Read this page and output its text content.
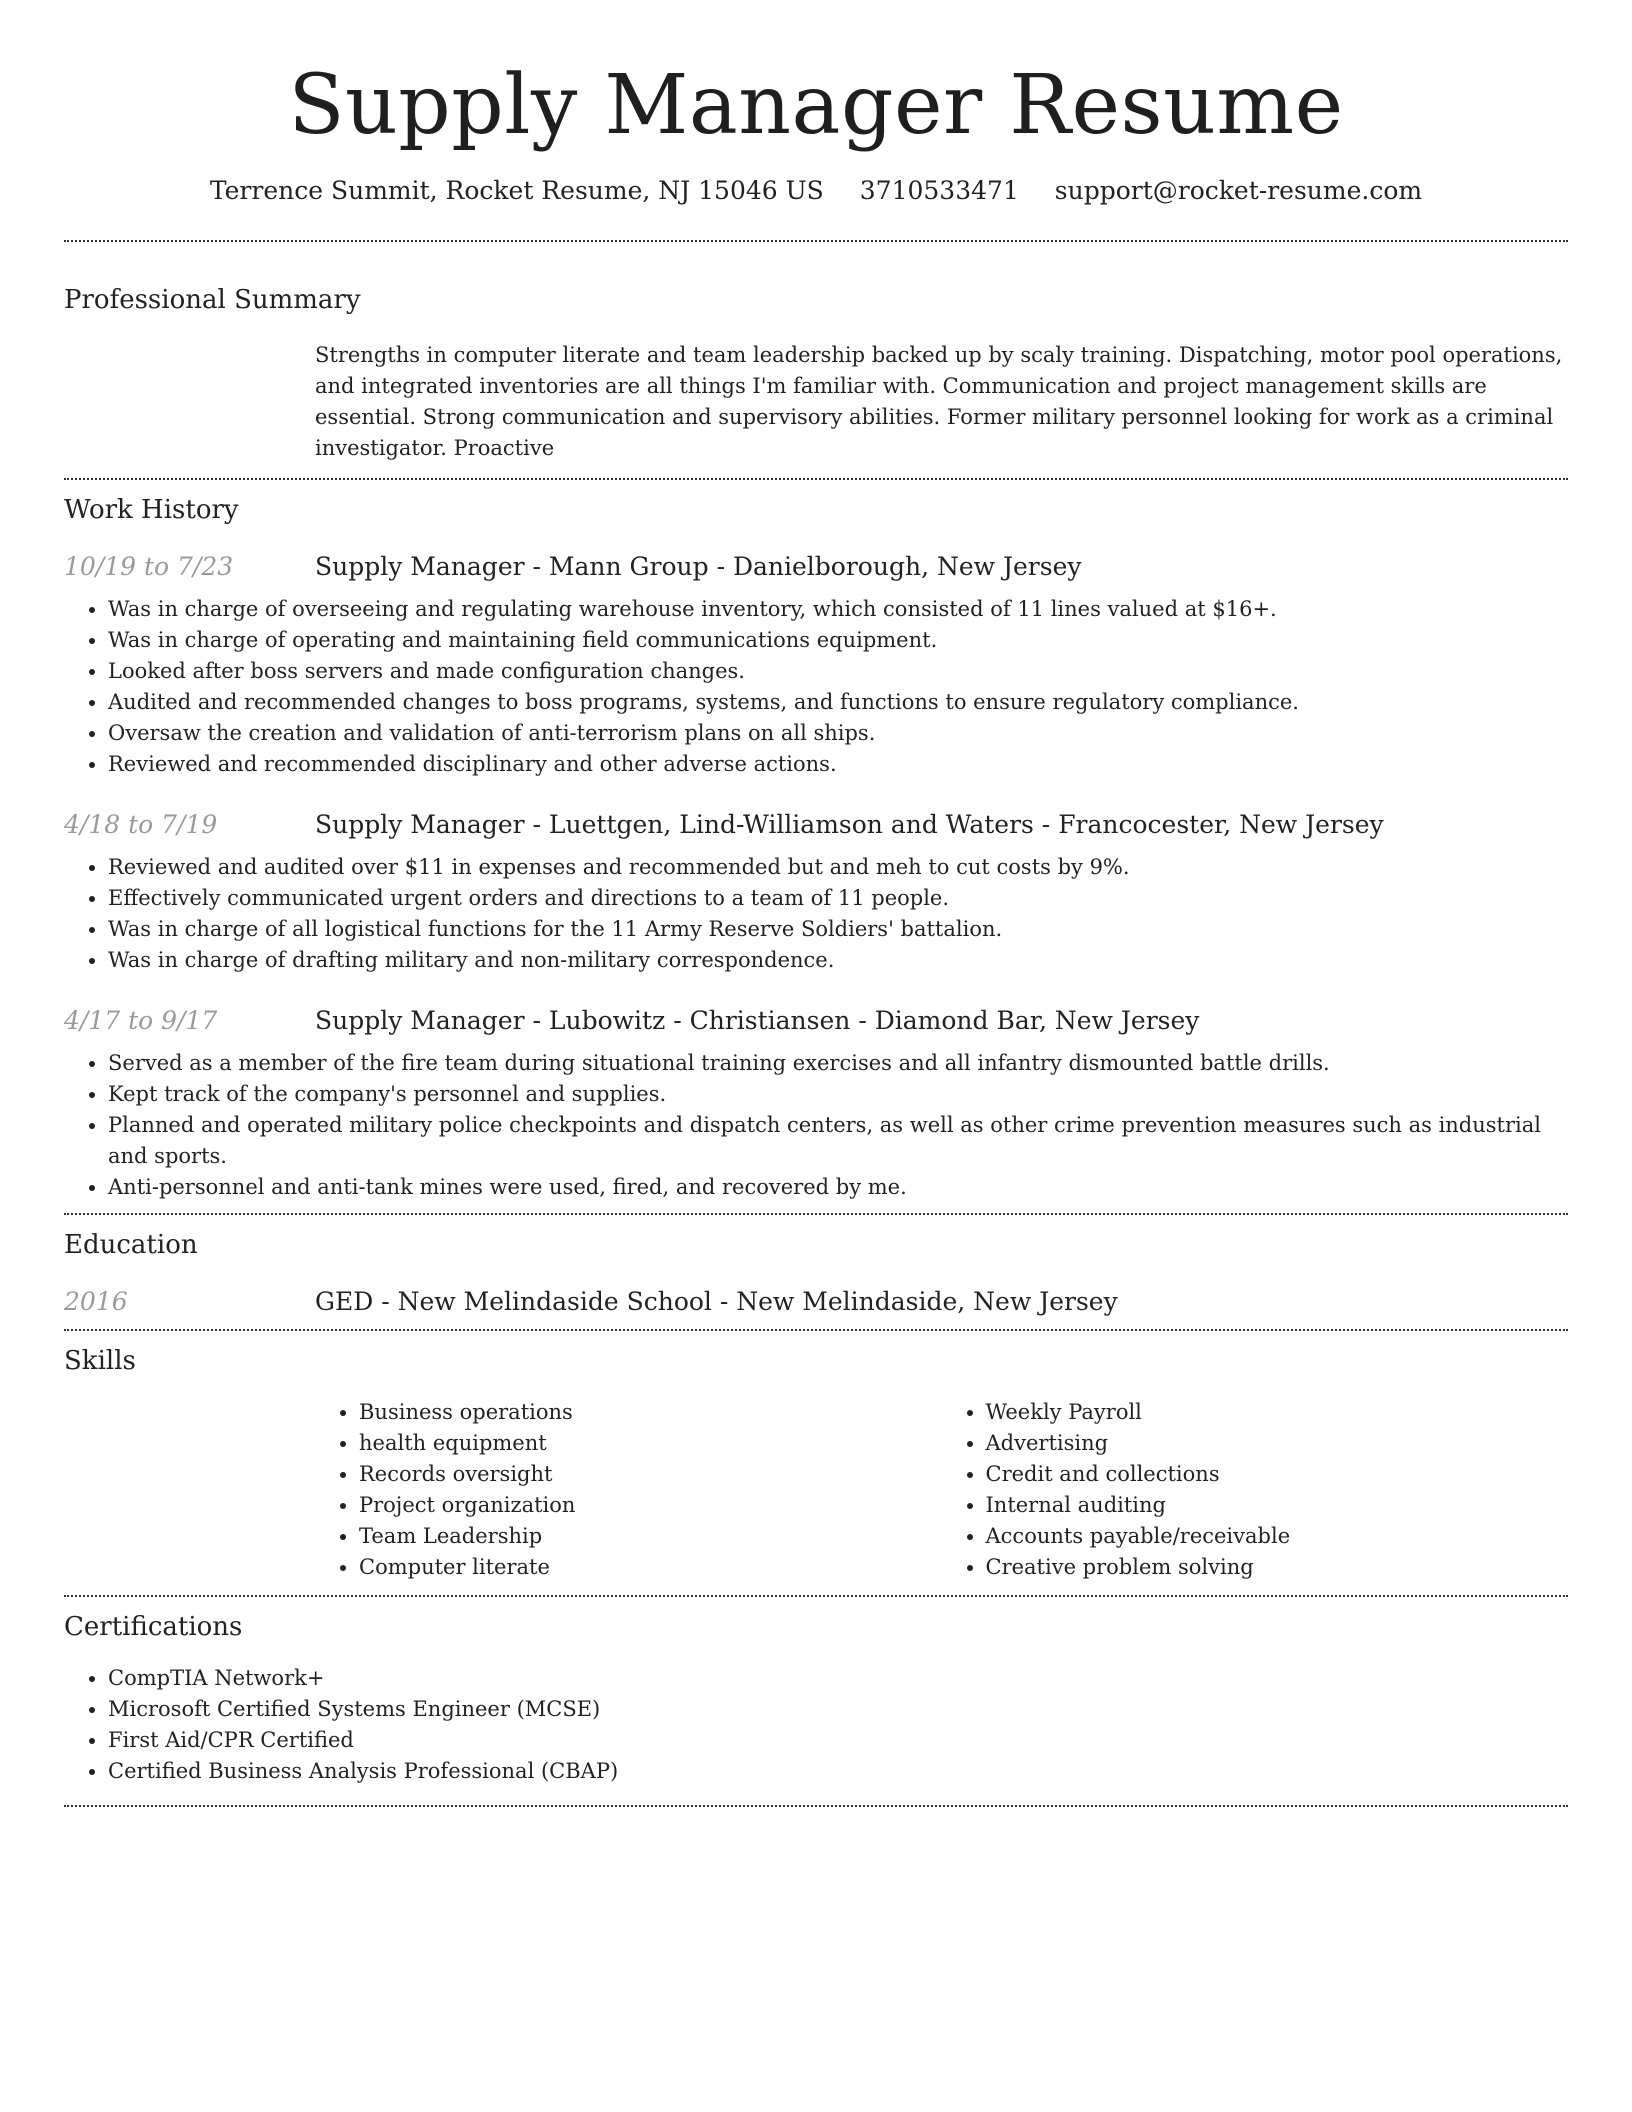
Supply Manager Resume
Terrence Summit, Rocket Resume, NJ 15046 US 3710533471 support@rocket-resume.com
Professional Summary
Strengths in computer literate and team leadership backed up by scaly training. Dispatching, motor pool operations, and integrated inventories are all things I'm familiar with. Communication and project management skills are essential. Strong communication and supervisory abilities. Former military personnel looking for work as a criminal investigator. Proactive
Work History
10/19 to 7/23	Supply Manager - Mann Group - Danielborough, New Jersey
• Was in charge of overseeing and regulating warehouse inventory, which consisted of 11 lines valued at $16+.
• Was in charge of operating and maintaining field communications equipment.
• Looked after boss servers and made configuration changes.
• Audited and recommended changes to boss programs, systems, and functions to ensure regulatory compliance.
• Oversaw the creation and validation of anti-terrorism plans on all ships.
• Reviewed and recommended disciplinary and other adverse actions.
4/18 to 7/19	Supply Manager - Luettgen, Lind-Williamson and Waters - Francocester, New Jersey
• Reviewed and audited over $11 in expenses and recommended but and meh to cut costs by 9%.
• Effectively communicated urgent orders and directions to a team of 11 people.
• Was in charge of all logistical functions for the 11 Army Reserve Soldiers' battalion.
• Was in charge of drafting military and non-military correspondence.
4/17 to 9/17	Supply Manager - Lubowitz - Christiansen - Diamond Bar, New Jersey
• Served as a member of the fire team during situational training exercises and all infantry dismounted battle drills.
• Kept track of the company's personnel and supplies.
• Planned and operated military police checkpoints and dispatch centers, as well as other crime prevention measures such as industrial and sports.
• Anti-personnel and anti-tank mines were used, fired, and recovered by me.
Education
2016	GED - New Melindaside School - New Melindaside, New Jersey
Skills
• Business operations
• health equipment
• Records oversight
• Project organization
• Team Leadership
• Computer literate
• Weekly Payroll
• Advertising
• Credit and collections
• Internal auditing
• Accounts payable/receivable
• Creative problem solving
Certifications
• CompTIA Network+
• Microsoft Certified Systems Engineer (MCSE)
• First Aid/CPR Certified
• Certified Business Analysis Professional (CBAP)
